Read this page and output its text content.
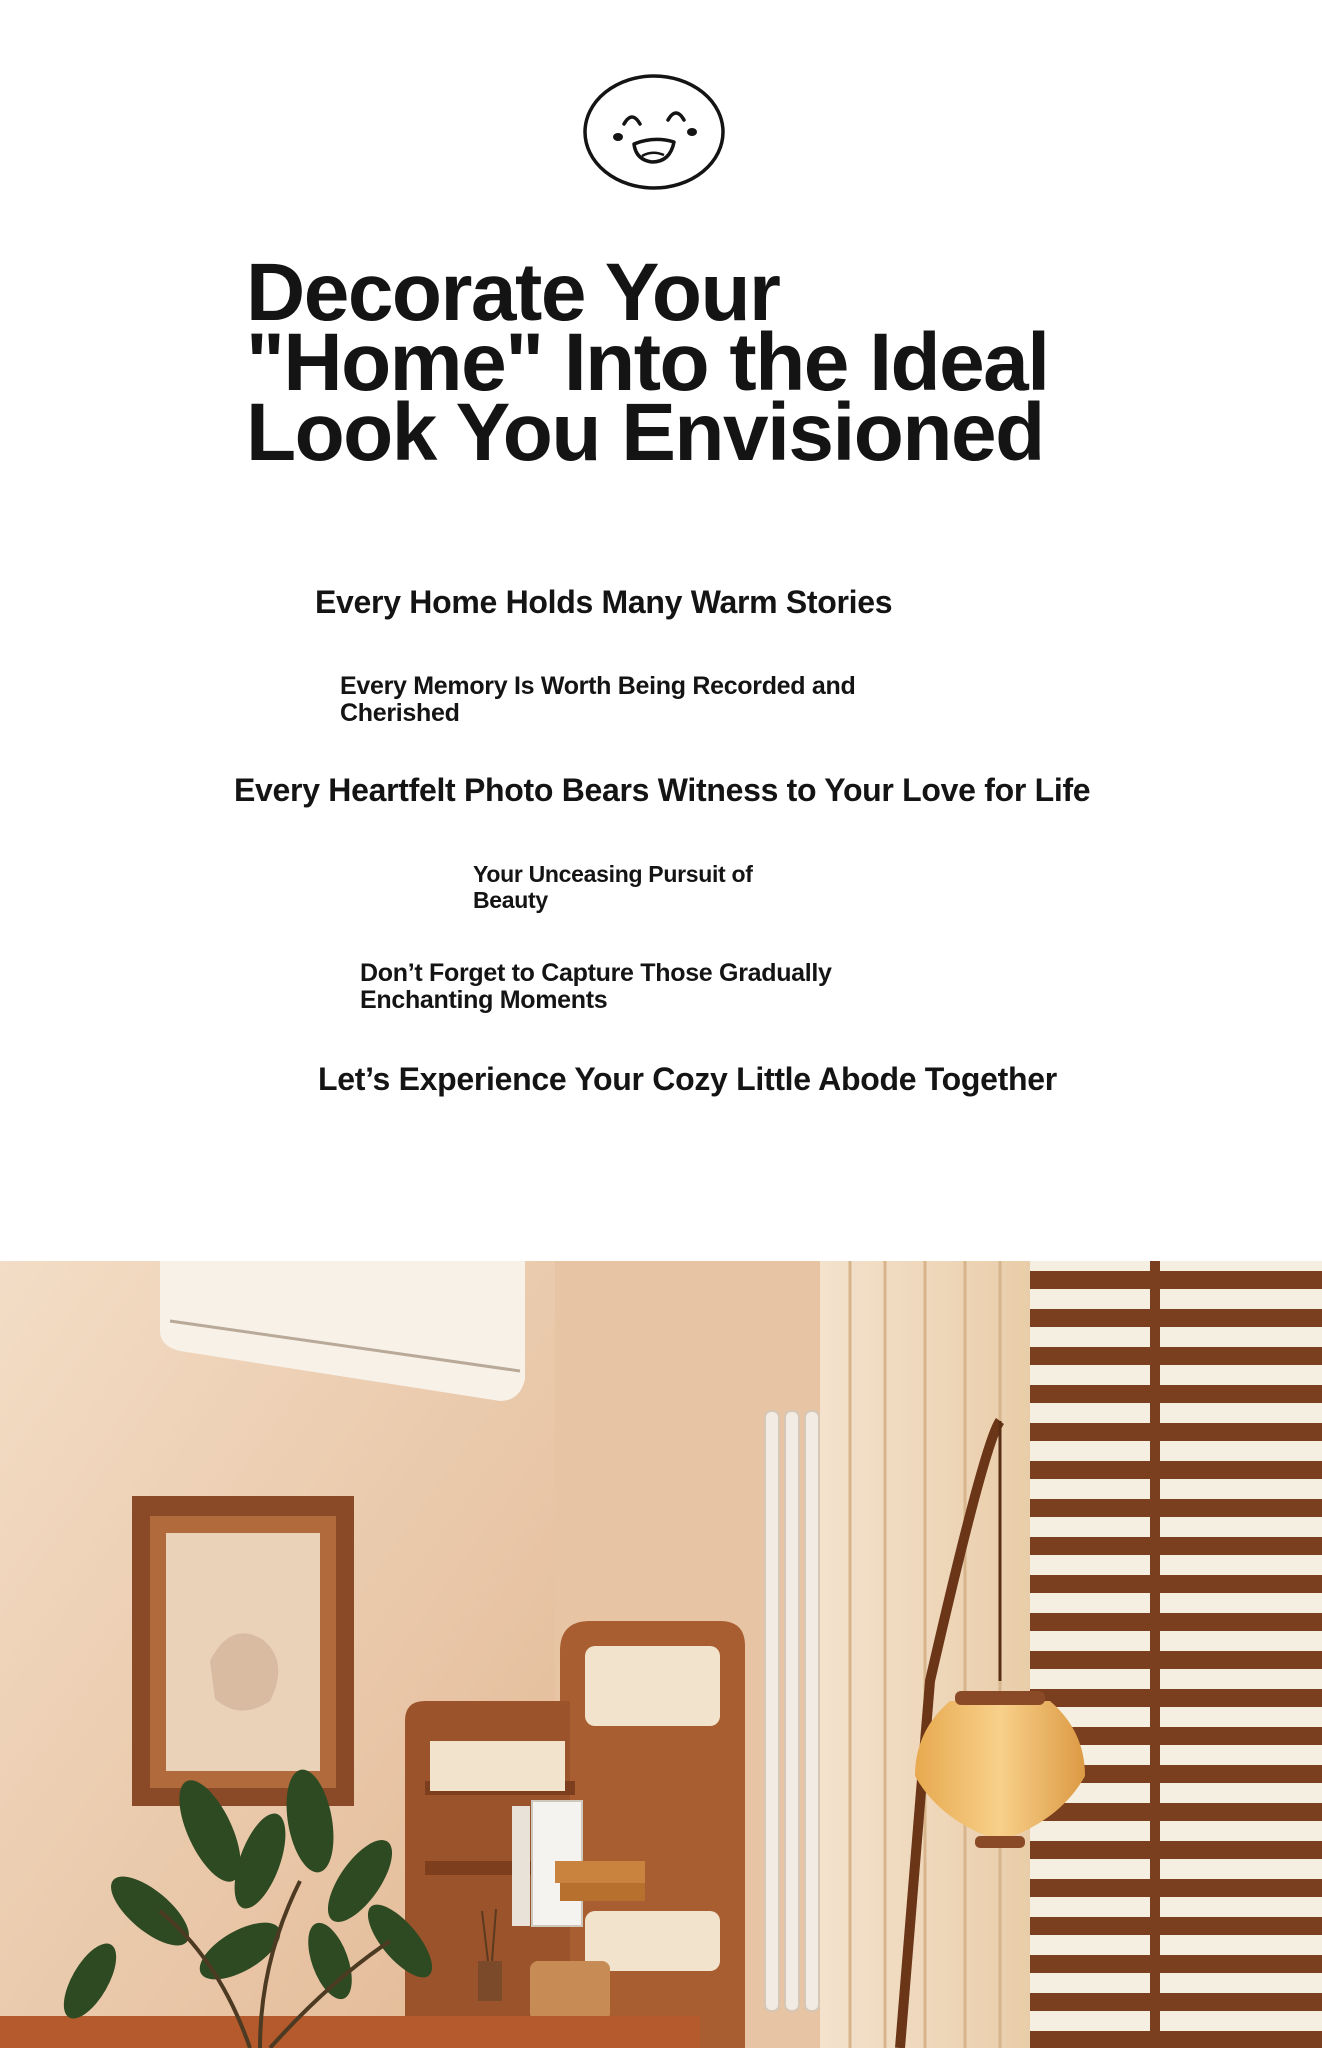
Decorate Your
"Home" Into the Ideal
Look You Envisioned

Every Home Holds Many Warm Stories

Every Memory Is Worth Being Recorded and Cherished

Every Heartfelt Photo Bears Witness to Your Love for Life

Your Unceasing Pursuit of Beauty

Don’t Forget to Capture Those Gradually Enchanting Moments

Let’s Experience Your Cozy Little Abode Together
